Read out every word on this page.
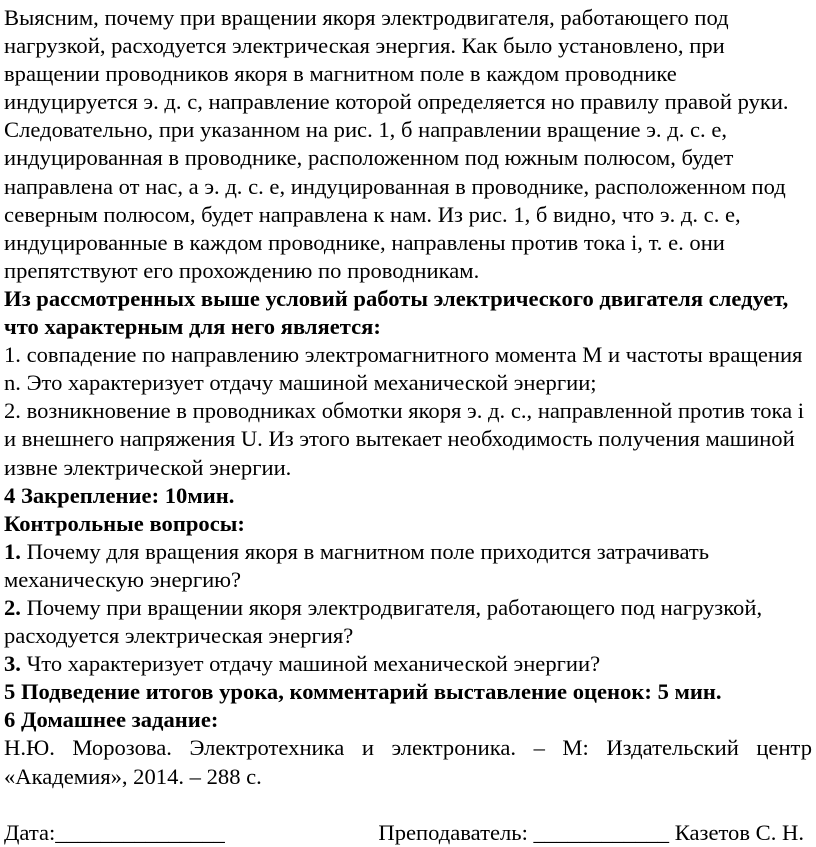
Выясним, почему при вращении якоря электродвигателя, работающего под нагрузкой, расходуется электрическая энергия. Как было установлено, при вращении проводников якоря в магнитном поле в каждом проводнике индуцируется э. д. с, направление которой определяется но правилу правой руки. Следовательно, при указанном на рис. 1, б направлении вращение э. д. с. е, индуцированная в проводнике, расположенном под южным полюсом, будет направлена от нас, а э. д. с. е, индуцированная в проводнике, расположенном под северным полюсом, будет направлена к нам. Из рис. 1, б видно, что э. д. с. е, индуцированные в каждом проводнике, направлены против тока i, т. е. они препятствуют его прохождению по проводникам.

Из рассмотренных выше условий работы электрического двигателя следует, что характерным для него является:

1. совпадение по направлению электромагнитного момента М и частоты вращения n. Это характеризует отдачу машиной механической энергии;

2. возникновение в проводниках обмотки якоря э. д. с., направленной против тока i и внешнего напряжения U. Из этого вытекает необходимость получения машиной извне электрической энергии.

4 Закрепление: 10мин.

Контрольные вопросы:

1. Почему для вращения якоря в магнитном поле приходится затрачивать механическую энергию?

2. Почему при вращении якоря электродвигателя, работающего под нагрузкой, расходуется электрическая энергия?

3. Что характеризует отдачу машиной механической энергии?

5 Подведение итогов урока, комментарий выставление оценок: 5 мин.

6 Домашнее задание:

Н.Ю. Морозова. Электротехника и электроника. – М: Издательский центр

«Академия», 2014. – 288 с.

Дата:_______________	Преподаватель: ____________ Казетов С. Н.
